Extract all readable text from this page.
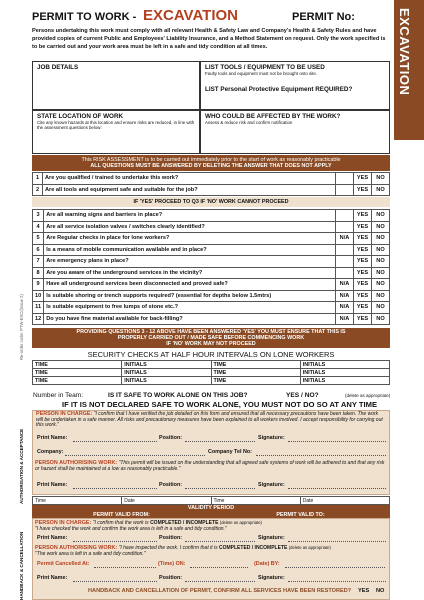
EXCAVATION
PERMIT TO WORK - EXCAVATION	PERMIT No:
Persons undertaking this work must comply with all relevant Health & Safety Law and Company's Health & Safety Rules and have provided copies of current Public and Employees' Liability Insurance, and a Method Statement on request. Only the work specified is to be carried out and your work area must be left in a safe and tidy condition at all times.
JOB DETAILS	LIST TOOLS / EQUIPMENT TO BE USED
Faulty tools and equipment must not be brought onto site.
LIST Personal Protective Equipment REQUIRED?
STATE LOCATION OF WORK
Cite any known hazards at this location and ensure risks are reduced, in line with the assessment questions below:
WHO COULD BE AFFECTED BY THE WORK?
Assess & reduce risk and confirm notification
This RISK ASSESSMENT is to be carried out immediately prior to the start of work as reasonably practicable
ALL QUESTIONS MUST BE ANSWERED BY DELETING THE ANSWER THAT DOES NOT APPLY
1	Are you qualified / trained to undertake this work?		YES	NO
2	Are all tools and equipment safe and suitable for the job?		YES	NO
IF 'YES' PROCEED TO Q3 IF 'NO' WORK CANNOT PROCEED
3	Are all warning signs and barriers in place?		YES	NO
4	Are all service isolation valves / switches clearly identified?		YES	NO
5	Are Regular checks in place for lone workers?	N/A	YES	NO
6	Is a means of mobile communication available and in place?		YES	NO
7	Are emergency plans in place?		YES	NO
8	Are you aware of the underground services in the vicinity?		YES	NO
9	Have all underground services been disconnected and proved safe?	N/A	YES	NO
10	Is suitable shoring or trench supports required? (essential for depths below 1.5mtrs)	N/A	YES	NO
11	Is suitable equipment to free lumps of stone etc.?	N/A	YES	NO
12	Do you have fine material available for back-filling?	N/A	YES	NO
PROVIDING QUESTIONS 3 - 12 ABOVE HAVE BEEN ANSWERED 'YES' YOU MUST ENSURE THAT THIS IS
PROPERLY CARRIED OUT / MADE SAFE BEFORE COMMENCING WORK
IF 'NO' WORK MAY NOT PROCEED
SECURITY CHECKS AT HALF HOUR INTERVALS ON LONE WORKERS
TIME	INITIALS	TIME	INITIALS
TIME	INITIALS	TIME	INITIALS
TIME	INITIALS	TIME	INITIALS
Number in Team:	IS IT SAFE TO WORK ALONE ON THIS JOB?	YES / NO?	(delete as appropriate)
IF IT IS NOT DECLARED SAFE TO WORK ALONE, YOU MUST NOT DO SO AT ANY TIME
Re-order code: PTW-EXC/(Issue 2)
AUTHORISATION & ACCEPTANCE
PERSON IN CHARGE: "I confirm that I have verified the job detailed on this form and ensured that all necessary precautions have been taken. The work will be undertaken in a safe manner. All risks and precautionary measures have been explained to all workers involved. I accept responsibility for carrying out this work."
Print Name:	Position:	Signature:
Company:	Company Tel No:
PERSON AUTHORISING WORK: "This permit will be issued on the understanding that all agreed safe systems of work will be adhered to and that any risk or hazard shall be maintained at a low as reasonably practicable."
Print Name:	Position:	Signature:
Time	Date	Time	Date
VALIDITY PERIOD
PERMIT VALID FROM:	PERMIT VALID TO:
HANDBACK & CANCELLATION
PERSON IN CHARGE: "I confirm that the work is COMPLETED / INCOMPLETE (delete as appropriate)
"I have checked the work and confirm the work area is left in a safe and tidy condition."
Print Name:	Position:	Signature:
PERSON AUTHORISING WORK: "I have inspected the work. I confirm that it is COMPLETED / INCOMPLETE (delete as appropriate)
"The work area is left in a safe and tidy condition."
Permit Cancelled At:	(Time) ON:	(Date) BY:
Print Name:	Position:	Signature:
HANDBACK AND CANCELLATION OF PERMIT, CONFIRM ALL SERVICES HAVE BEEN RESTORED? YES NO
